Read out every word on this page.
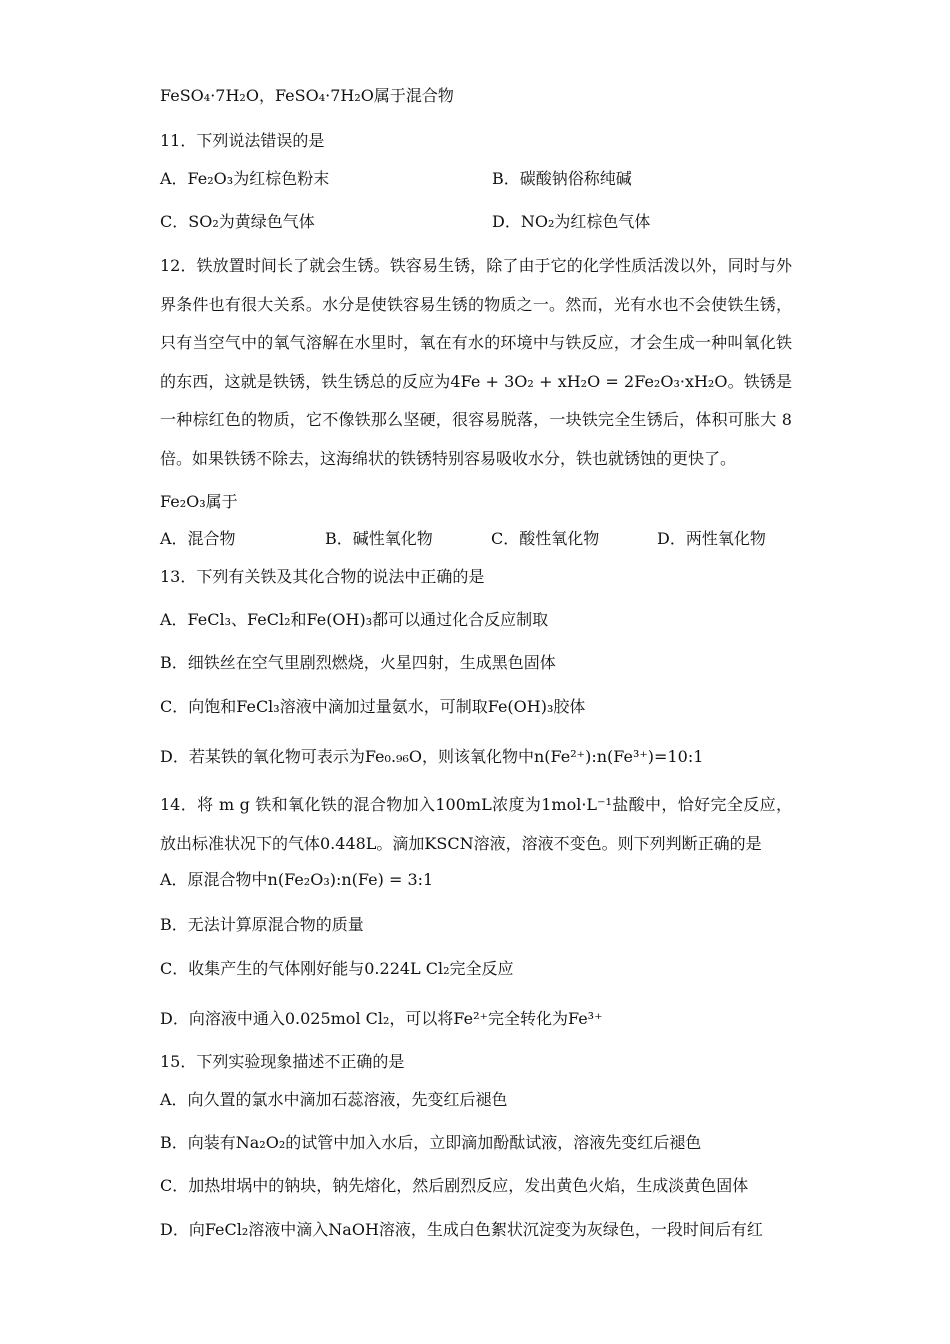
FeSO₄·7H₂O，FeSO₄·7H₂O属于混合物
11．下列说法错误的是
A．Fe₂O₃为红棕色粉末	B．碳酸钠俗称纯碱
C．SO₂为黄绿色气体	D．NO₂为红棕色气体
12．铁放置时间长了就会生锈。铁容易生锈，除了由于它的化学性质活泼以外，同时与外界条件也有很大关系。水分是使铁容易生锈的物质之一。然而，光有水也不会使铁生锈，只有当空气中的氧气溶解在水里时，氧在有水的环境中与铁反应，才会生成一种叫氧化铁的东西，这就是铁锈，铁生锈总的反应为4Fe + 3O₂ + xH₂O = 2Fe₂O₃·xH₂O。铁锈是一种棕红色的物质，它不像铁那么坚硬，很容易脱落，一块铁完全生锈后，体积可胀大 8 倍。如果铁锈不除去，这海绵状的铁锈特别容易吸收水分，铁也就锈蚀的更快了。
Fe₂O₃属于
A．混合物	B．碱性氧化物	C．酸性氧化物	D．两性氧化物
13．下列有关铁及其化合物的说法中正确的是
A．FeCl₃、FeCl₂和Fe(OH)₃都可以通过化合反应制取
B．细铁丝在空气里剧烈燃烧，火星四射，生成黑色固体
C．向饱和FeCl₃溶液中滴加过量氨水，可制取Fe(OH)₃胶体
D．若某铁的氧化物可表示为Fe₀.₉₆O，则该氧化物中n(Fe²⁺):n(Fe³⁺)=10:1
14．将 m g 铁和氧化铁的混合物加入100mL浓度为1mol·L⁻¹盐酸中，恰好完全反应，放出标准状况下的气体0.448L。滴加KSCN溶液，溶液不变色。则下列判断正确的是
A．原混合物中n(Fe₂O₃):n(Fe) = 3:1
B．无法计算原混合物的质量
C．收集产生的气体刚好能与0.224L Cl₂完全反应
D．向溶液中通入0.025mol Cl₂，可以将Fe²⁺完全转化为Fe³⁺
15．下列实验现象描述不正确的是
A．向久置的氯水中滴加石蕊溶液，先变红后褪色
B．向装有Na₂O₂的试管中加入水后，立即滴加酚酞试液，溶液先变红后褪色
C．加热坩埚中的钠块，钠先熔化，然后剧烈反应，发出黄色火焰，生成淡黄色固体
D．向FeCl₂溶液中滴入NaOH溶液，生成白色絮状沉淀变为灰绿色，一段时间后有红
